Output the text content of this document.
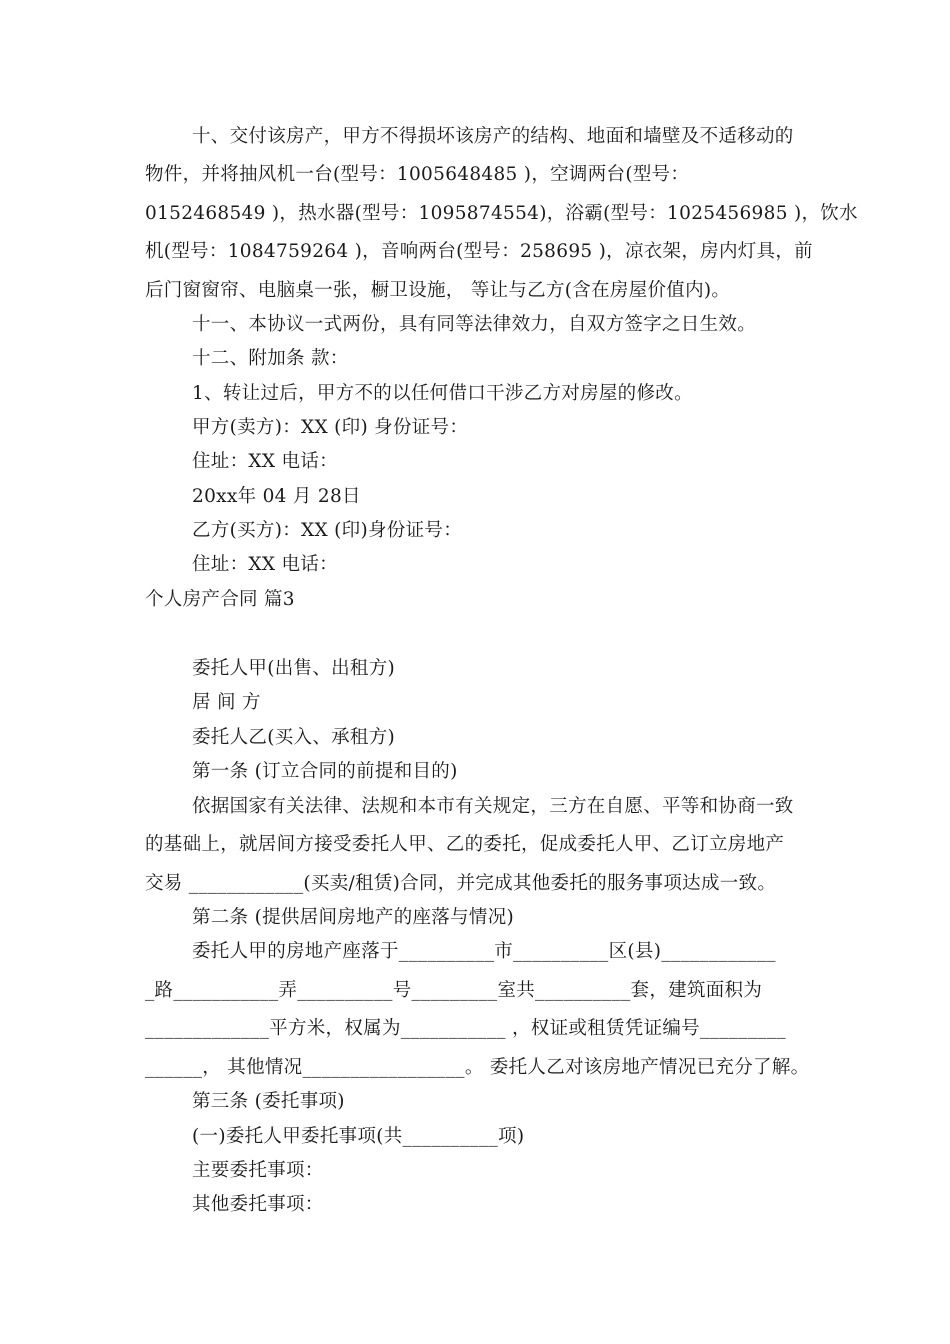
十、交付该房产，甲方不得损坏该房产的结构、地面和墙壁及不适移动的
物件，并将抽风机一台(型号：1005648485 )，空调两台(型号：
0152468549 )，热水器(型号：1095874554)，浴霸(型号：1025456985 )，饮水
机(型号：1084759264 )，音响两台(型号：258695 )，凉衣架，房内灯具，前
后门窗窗帘、电脑桌一张，橱卫设施， 等让与乙方(含在房屋价值内)。
十一、本协议一式两份，具有同等法律效力，自双方签字之日生效。
十二、附加条 款：
1、转让过后，甲方不的以任何借口干涉乙方对房屋的修改。
甲方(卖方)：XX (印) 身份证号：
住址：XX 电话：
20xx年 04 月 28日
乙方(买方)：XX (印)身份证号：
住址：XX 电话：
个人房产合同 篇3
委托人甲(出售、出租方)
居 间 方
委托人乙(买入、承租方)
第一条 (订立合同的前提和目的)
依据国家有关法律、法规和本市有关规定，三方在自愿、平等和协商一致
的基础上，就居间方接受委托人甲、乙的委托，促成委托人甲、乙订立房地产
交易 ____________(买卖/租赁)合同，并完成其他委托的服务事项达成一致。
第二条 (提供居间房地产的座落与情况)
委托人甲的房地产座落于__________市__________区(县)____________
_路___________弄__________号_________室共__________套，建筑面积为
_____________平方米，权属为___________ ，权证或租赁凭证编号_________
______， 其他情况_________________。 委托人乙对该房地产情况已充分了解。
第三条 (委托事项)
(一)委托人甲委托事项(共__________项)
主要委托事项：
其他委托事项：
